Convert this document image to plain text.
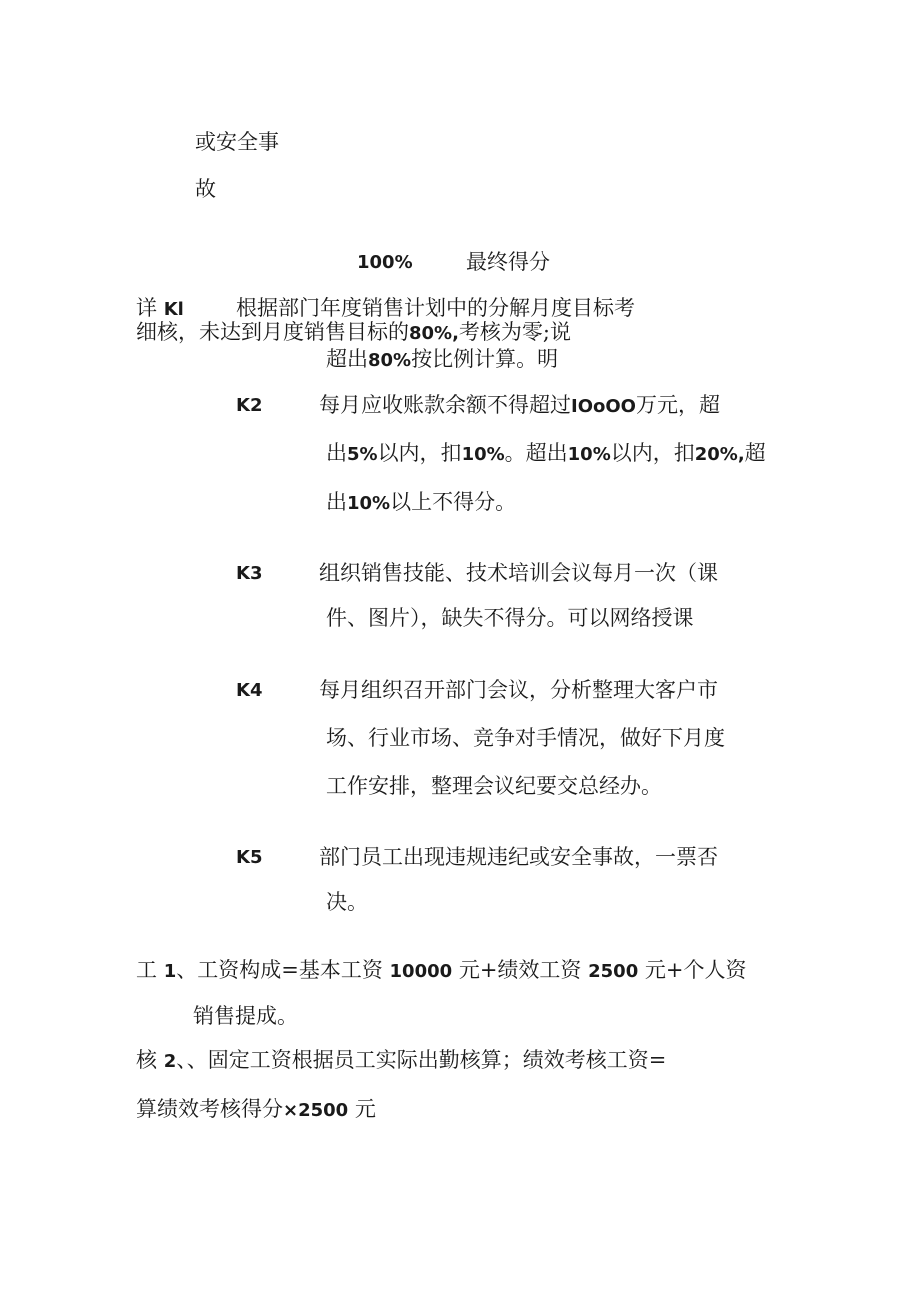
或安全事
故
100%	最终得分
详 Kl 根据部门年度销售计划中的分解月度目标考
细核，未达到月度销售目标的80%,考核为零;说
超出80%按比例计算。明
K2	每月应收账款余额不得超过IOoOO万元，超
出5%以内，扣10%。超出10%以内，扣20%,超
出10%以上不得分。
K3	组织销售技能、技术培训会议每月一次（课
件、图片），缺失不得分。可以网络授课
K4	每月组织召开部门会议，分析整理大客户市
场、行业市场、竞争对手情况，做好下月度
工作安排，整理会议纪要交总经办。
K5	部门员工出现违规违纪或安全事故，一票否
决。
工 1、工资构成=基本工资 10000 元+绩效工资 2500 元+个人资
销售提成。
核 2、、固定工资根据员工实际出勤核算；绩效考核工资=
算绩效考核得分×2500 元
